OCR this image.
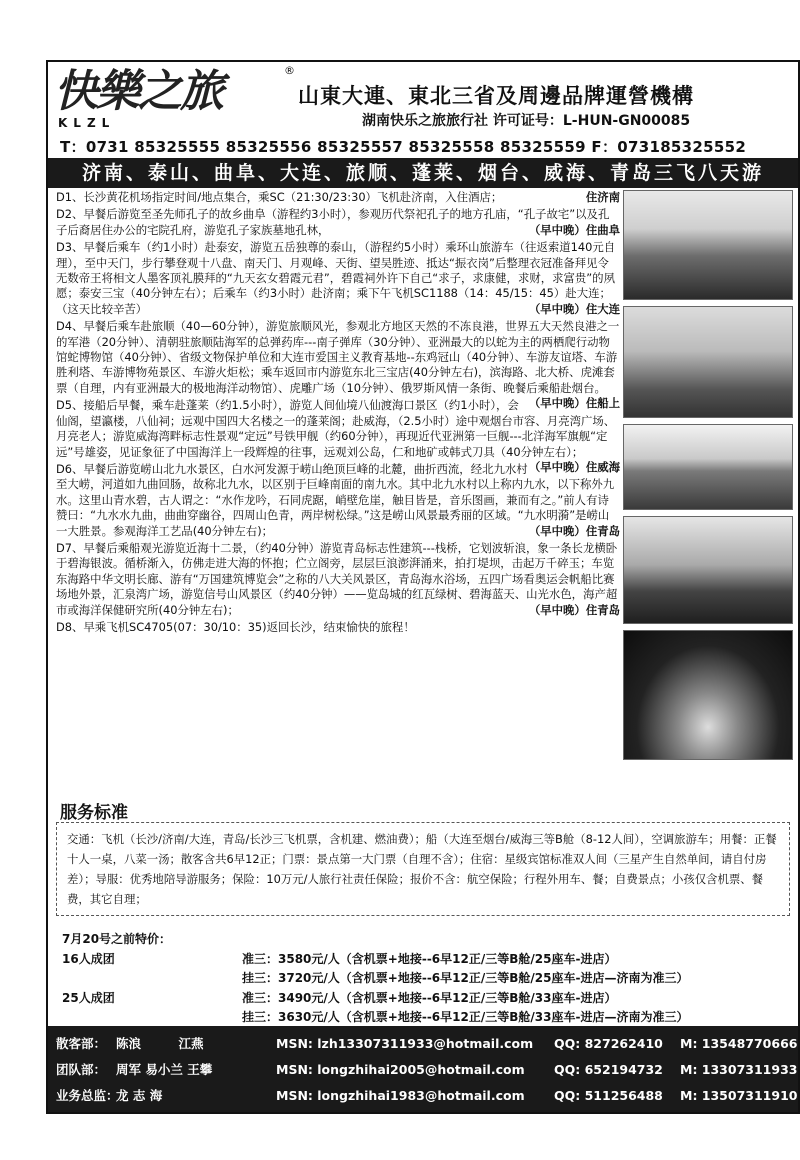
快樂之旅
KLZL
®
山東大連、東北三省及周邊品牌運營機構
湖南快乐之旅旅行社 许可证号：L-HUN-GN00085
T：0731 85325555 85325556 85325557 85325558 85325559 F：073185325552
济南、泰山、曲阜、大连、旅顺、蓬莱、烟台、威海、青岛三飞八天游
D1、长沙黄花机场指定时间/地点集合，乘SC（21:30/23:30）飞机赴济南，入住酒店；	住济南
D2、早餐后游览至圣先师孔子的故乡曲阜（游程约3小时），参观历代祭祀孔子的地方孔庙，“孔子故宅”以及孔子后裔居住办公的宅院孔府，游览孔子家族墓地孔林，	（早中晚）住曲阜
D3、早餐后乘车（约1小时）赴泰安，游览五岳独尊的泰山，（游程约5小时）乘环山旅游车（往返索道140元自理），至中天门，步行攀登观十八盘、南天门、月观峰、天街、望吴胜迹、抵达“振衣岗”后整理衣冠准备拜见令无数帝王将相文人墨客顶礼膜拜的“九天玄女碧霞元君”，碧霞祠外许下自己“求子，求康健，求财，求富贵”的夙愿；泰安三宝（40分钟左右）；后乘车（约3小时）赴济南；乘下午飞机SC1188（14：45/15：45）赴大连；（这天比较辛苦）	（早中晚）住大连
D4、早餐后乘车赴旅顺（40—60分钟），游览旅顺风光，参观北方地区天然的不冻良港，世界五大天然良港之一的军港（20分钟）、清朝驻旅顺陆海军的总弹药库---南子弹库（30分钟）、亚洲最大的以蛇为主的两栖爬行动物馆蛇博物馆（40分钟）、省级文物保护单位和大连市爱国主义教育基地--东鸡冠山（40分钟）、车游友谊塔、车游胜利塔、车游博物苑景区、车游火炬松；乘车返回市内游览东北三宝店(40分钟左右)，滨海路、北大桥、虎滩套票（自理，内有亚洲最大的极地海洋动物馆）、虎雕广场（10分钟）、俄罗斯风情一条街、晚餐后乘船赴烟台。
（早中晚）住船上
D5、接船后早餐，乘车赴蓬莱（约1.5小时），游览人间仙境八仙渡海口景区（约1小时），会仙阁，望瀛楼，八仙祠；远观中国四大名楼之一的蓬莱阁；赴威海，（2.5小时）途中观烟台市容、月亮湾广场、月亮老人；游览威海湾畔标志性景观“定远”号铁甲舰（约60分钟），再现近代亚洲第一巨舰---北洋海军旗舰“定远”号雄姿，见证象征了中国海洋上一段辉煌的往事，远观刘公岛，仁和地矿或韩式刀具（40分钟左右）；
（早中晚）住威海
D6、早餐后游览崂山北九水景区，白水河发源于崂山绝顶巨峰的北麓，曲折西流，经北九水村至大崂，河道如九曲回肠，故称北九水，以区别于巨峰南面的南九水。其中北九水村以上称内九水，以下称外九水。这里山青水碧，古人谓之：“水作龙吟，石同虎踞，峭壁危崖，触目皆是，音乐图画，兼而有之。”前人有诗赞曰：“九水水九曲，曲曲穿幽谷，四周山色青，两岸树松绿。”这是崂山风景最秀丽的区域。“九水明漪”是崂山一大胜景。参观海洋工艺品(40分钟左右)；	（早中晚）住青岛
D7、早餐后乘船观光游览近海十二景，（约40分钟）游览青岛标志性建筑---栈桥，它划波斩浪，象一条长龙横卧于碧海银波。循桥渐入，仿佛走进大海的怀抱；伫立阁旁，层层巨浪澎湃涌来，拍打堤坝，击起万千碎玉；车览东海路中华文明长廊、游有“万国建筑博览会”之称的八大关风景区，青岛海水浴场，五四广场看奥运会帆船比赛场地外景，汇泉湾广场，游览信号山风景区（约40分钟）——览岛城的红瓦绿树、碧海蓝天、山光水色，海产超市或海洋保健研究所(40分钟左右)；	（早中晚）住青岛
D8、早乘飞机SC4705(07：30/10：35)返回长沙，结束愉快的旅程！
服务标准
交通：飞机（长沙/济南/大连，青岛/长沙三飞机票，含机建、燃油费）；船（大连至烟台/威海三等B舱（8-12人间），空调旅游车；用餐：正餐十人一桌，八菜一汤；散客含共6早12正；门票：景点第一大门票（自理不含）；住宿：星级宾馆标准双人间（三星产生自然单间，请自付房差）；导服：优秀地陪导游服务；保险：10万元/人旅行社责任保险；报价不含：航空保险；行程外用车、餐；自费景点；小孩仅含机票、餐费，其它自理；
7月20号之前特价：
16人成团	准三：3580元/人（含机票+地接--6早12正/三等B舱/25座车-进店）
挂三：3720元/人（含机票+地接--6早12正/三等B舱/25座车-进店—济南为准三）
25人成团	准三：3490元/人（含机票+地接--6早12正/三等B舱/33座车-进店）
挂三：3630元/人（含机票+地接--6早12正/三等B舱/33座车-进店—济南为准三）
散客部： 陈浪　　　江燕	MSN: lzh13307311933@hotmail.com QQ: 827262410 M: 13548770666
团队部： 周军 易小兰 王攀	MSN: longzhihai2005@hotmail.com QQ: 652194732 M: 13307311933
业务总监：龙 志 海	MSN: longzhihai1983@hotmail.com QQ: 511256488 M: 13507311910
